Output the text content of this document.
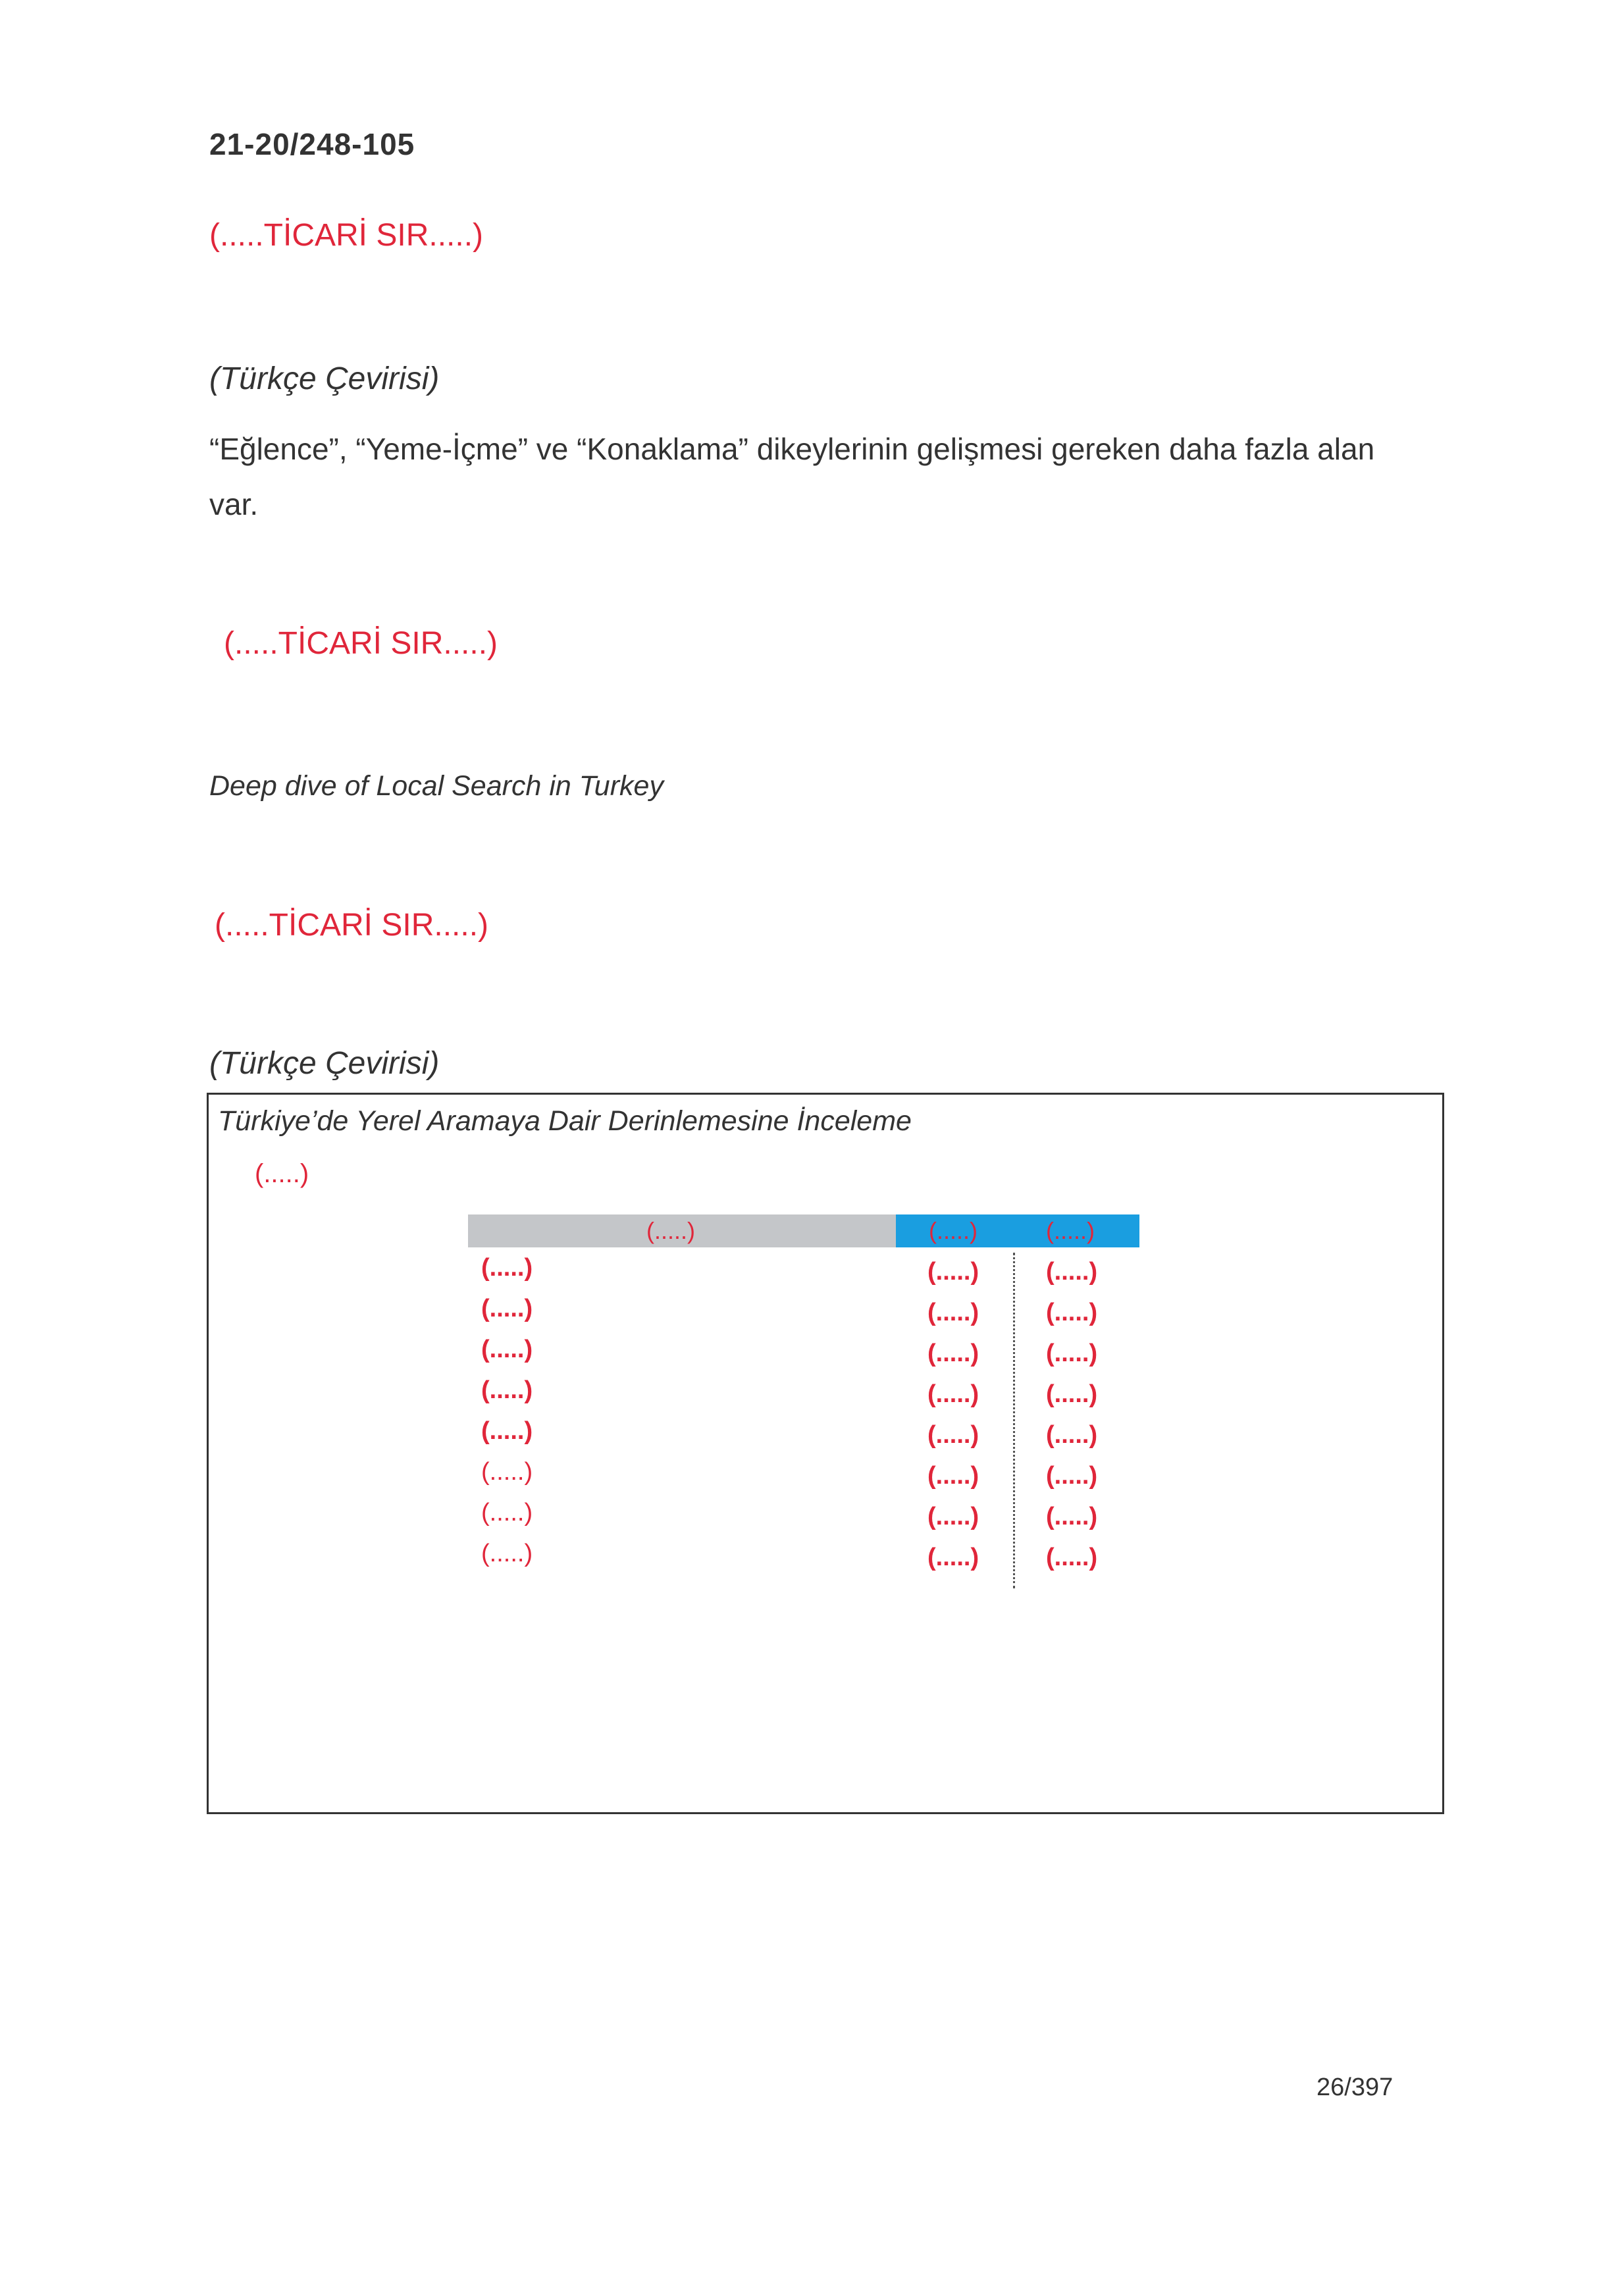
21-20/248-105
(.....TİCARİ SIR.....)
(Türkçe Çevirisi)
“Eğlence”, “Yeme-İçme” ve “Konaklama” dikeylerinin gelişmesi gereken daha fazla alan var.
(.....TİCARİ SIR.....)
Deep dive of Local Search in Turkey
(.....TİCARİ SIR.....)
(Türkçe Çevirisi)
Türkiye’de Yerel Aramaya Dair Derinlemesine İnceleme
(.....)
(.....)	(.....)	(.....)
(.....)	(.....)	(.....)
(.....)	(.....)	(.....)
(.....)	(.....)	(.....)
(.....)	(.....)	(.....)
(.....)	(.....)	(.....)
(.....)	(.....)	(.....)
(.....)	(.....)	(.....)
(.....)	(.....)	(.....)
26/397
